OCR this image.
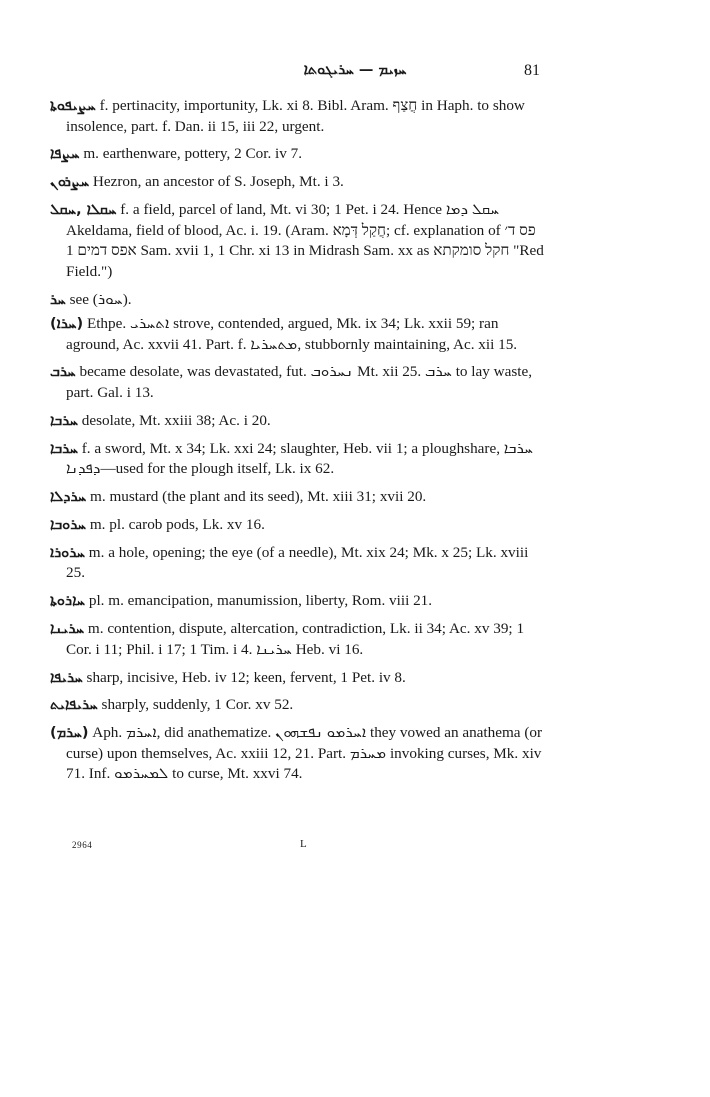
ܚܙܝܡ — ܚܪܝܓܘܬܐ	81
ܚܨܝܦܘܬܐ f. pertinacity, importunity, Lk. xi 8. Bibl. Aram. חֲצַף in Haph. to show insolence, part. f. Dan. ii 15, iii 22, urgent.
ܚܨܦܐ m. earthenware, pottery, 2 Cor. iv 7.
ܚܨܪܘܢ Hezron, an ancestor of S. Joseph, Mt. i 3.
ܚܩܠܐ ,ܚܩܠ f. a field, parcel of land, Mt. vi 30; 1 Pet. i 24. Hence ܚܩܠ ܕܡܐ Akeldama, field of blood, Ac. i. 19. (Aram. חֲקַל דְּמָא; cf. explanation of פס ד׳ אפס דמים 1 Sam. xvii 1, 1 Chr. xi 13 in Midrash Sam. xx as חקל סומקתא "Red Field.")
ܚܪ see (ܚܘܪ).
(ܚܪܐ) Ethpe. ܐܬܚܪܝ strove, contended, argued, Mk. ix 34; Lk. xxii 59; ran aground, Ac. xxvii 41. Part. f. ܡܬܚܪܝܐ, stubbornly maintaining, Ac. xii 15.
ܚܪܒ became desolate, was devastated, fut. ܢܚܪܘܒ Mt. xii 25. ܚܪܒ to lay waste, part. Gal. i 13.
ܚܪܒܐ desolate, Mt. xxiii 38; Ac. i 20.
ܚܪܒܐ f. a sword, Mt. x 34; Lk. xxi 24; slaughter, Heb. vii 1; a ploughshare, ܚܪܒܐ ܕܦܕܢܐ—used for the plough itself, Lk. ix 62.
ܚܪܕܠܐ m. mustard (the plant and its seed), Mt. xiii 31; xvii 20.
ܚܪܘܒܐ m. pl. carob pods, Lk. xv 16.
ܚܪܘܪܐ m. a hole, opening; the eye (of a needle), Mt. xix 24; Mk. x 25; Lk. xviii 25.
ܚܐܪܘܬܐ pl. m. emancipation, manumission, liberty, Rom. viii 21.
ܚܪܝܢܐ m. contention, dispute, altercation, contradiction, Lk. ii 34; Ac. xv 39; 1 Cor. i 11; Phil. i 17; 1 Tim. i 4. ܚܪܝܢܐ Heb. vi 16.
ܚܪܝܦܐ sharp, incisive, Heb. iv 12; keen, fervent, 1 Pet. iv 8.
ܚܪܝܦܐܝܬ sharply, suddenly, 1 Cor. xv 52.
(ܚܪܡ) Aph. ܐܚܪܡ, did anathematize. ܐܚܪܡܘ ܢܦܫܗܘܢ they vowed an anathema (or curse) upon themselves, Ac. xxiii 12, 21. Part. ܡܚܪܡ invoking curses, Mk. xiv 71. Inf. ܠܡܚܪܡܘ to curse, Mt. xxvi 74.
2964	L
